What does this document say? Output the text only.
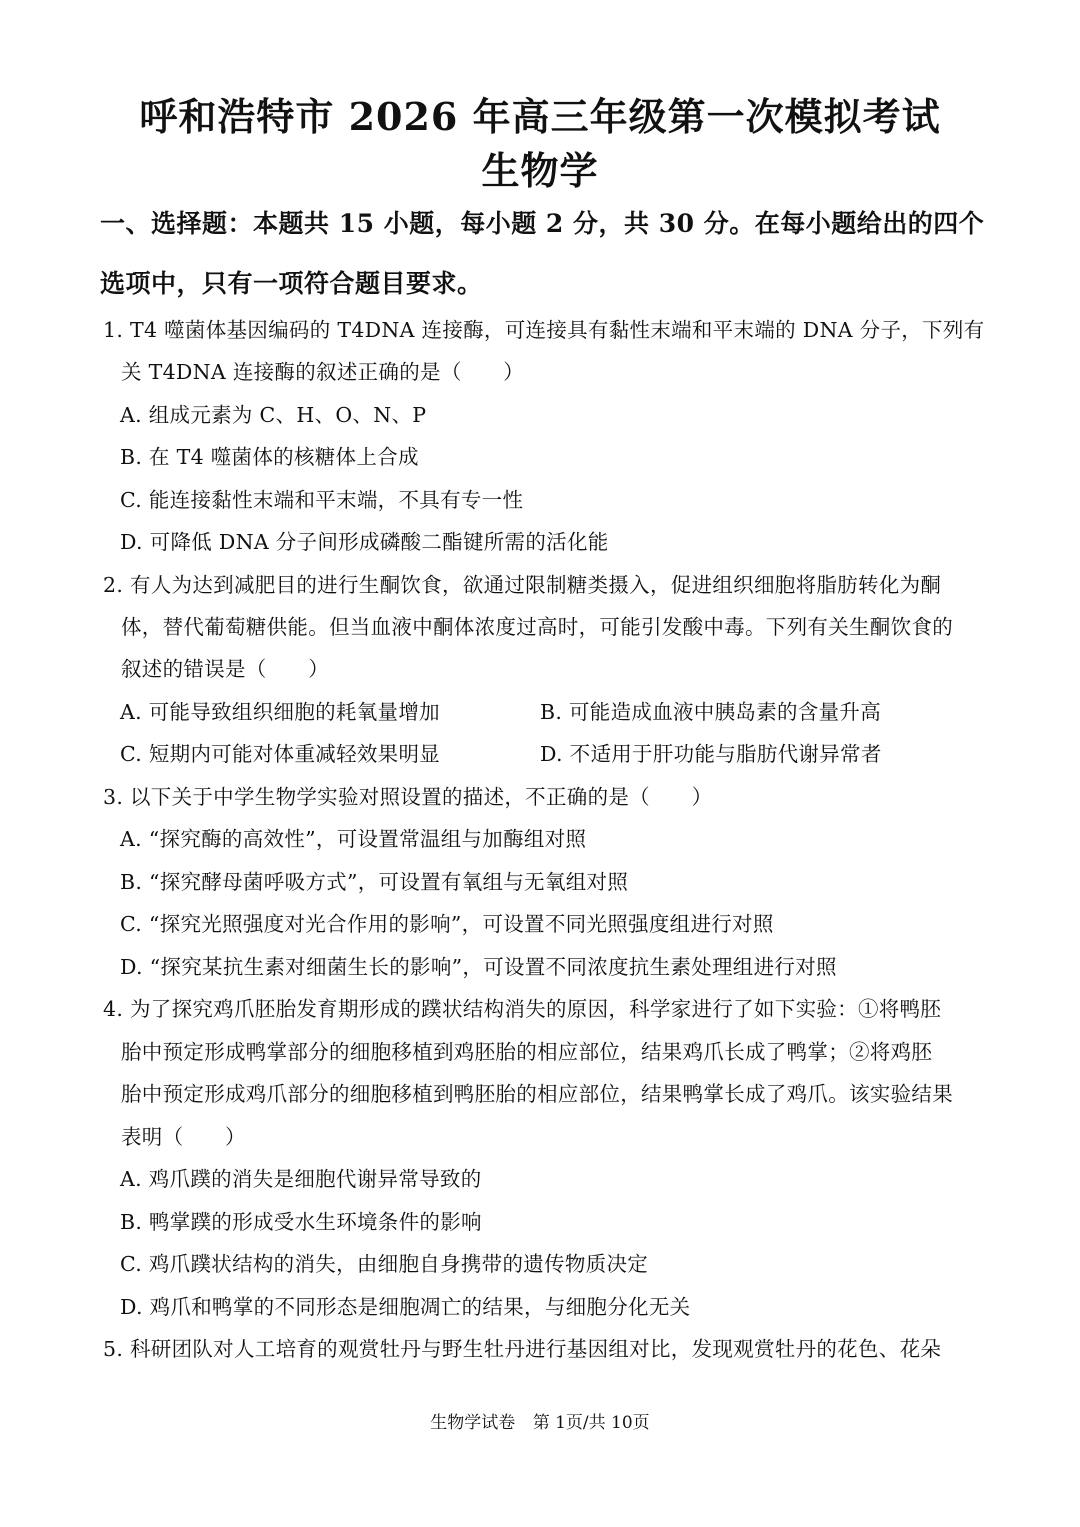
呼和浩特市 2026 年高三年级第一次模拟考试
生物学
一、选择题：本题共 15 小题，每小题 2 分，共 30 分。在每小题给出的四个选项中，只有一项符合题目要求。
1. T4 噬菌体基因编码的 T4DNA 连接酶，可连接具有黏性末端和平末端的 DNA 分子，下列有
关 T4DNA 连接酶的叙述正确的是（　　）
A. 组成元素为 C、H、O、N、P
B. 在 T4 噬菌体的核糖体上合成
C. 能连接黏性末端和平末端，不具有专一性
D. 可降低 DNA 分子间形成磷酸二酯键所需的活化能
2. 有人为达到减肥目的进行生酮饮食，欲通过限制糖类摄入，促进组织细胞将脂肪转化为酮
体，替代葡萄糖供能。但当血液中酮体浓度过高时，可能引发酸中毒。下列有关生酮饮食的
叙述的错误是（　　）
A. 可能导致组织细胞的耗氧量增加	B. 可能造成血液中胰岛素的含量升高
C. 短期内可能对体重减轻效果明显	D. 不适用于肝功能与脂肪代谢异常者
3. 以下关于中学生物学实验对照设置的描述，不正确的是（　　）
A. “探究酶的高效性”，可设置常温组与加酶组对照
B. “探究酵母菌呼吸方式”，可设置有氧组与无氧组对照
C. “探究光照强度对光合作用的影响”，可设置不同光照强度组进行对照
D. “探究某抗生素对细菌生长的影响”，可设置不同浓度抗生素处理组进行对照
4. 为了探究鸡爪胚胎发育期形成的蹼状结构消失的原因，科学家进行了如下实验：①将鸭胚
胎中预定形成鸭掌部分的细胞移植到鸡胚胎的相应部位，结果鸡爪长成了鸭掌；②将鸡胚
胎中预定形成鸡爪部分的细胞移植到鸭胚胎的相应部位，结果鸭掌长成了鸡爪。该实验结果
表明（　　）
A. 鸡爪蹼的消失是细胞代谢异常导致的
B. 鸭掌蹼的形成受水生环境条件的影响
C. 鸡爪蹼状结构的消失，由细胞自身携带的遗传物质决定
D. 鸡爪和鸭掌的不同形态是细胞凋亡的结果，与细胞分化无关
5. 科研团队对人工培育的观赏牡丹与野生牡丹进行基因组对比，发现观赏牡丹的花色、花朵
生物学试卷 第 1页/共 10页
